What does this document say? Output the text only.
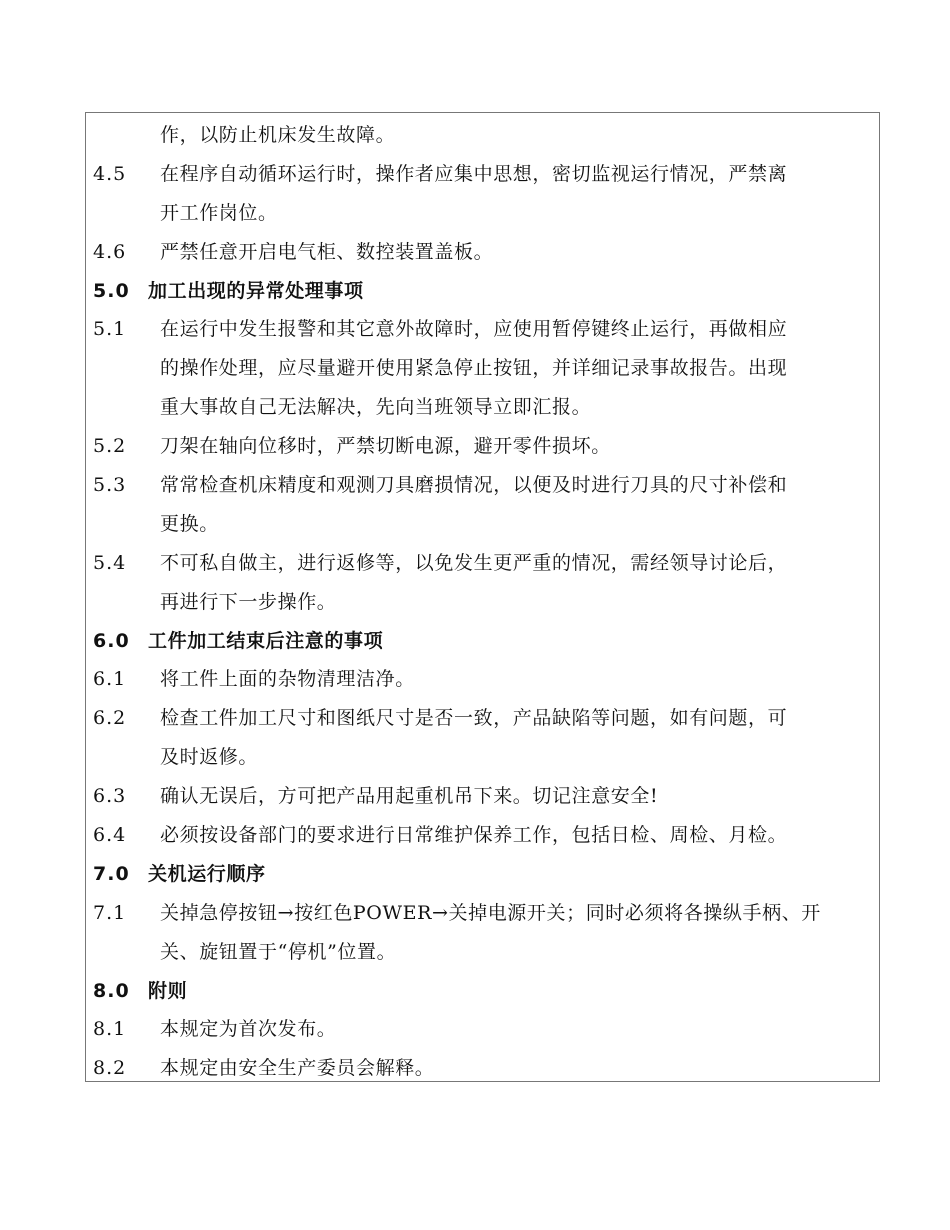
作，以防止机床发生故障。
4.5 在程序自动循环运行时，操作者应集中思想，密切监视运行情况，严禁离
开工作岗位。
4.6 严禁任意开启电气柜、数控装置盖板。
5.0 加工出现的异常处理事项
5.1 在运行中发生报警和其它意外故障时，应使用暂停键终止运行，再做相应
的操作处理，应尽量避开使用紧急停止按钮，并详细记录事故报告。出现
重大事故自己无法解决，先向当班领导立即汇报。
5.2 刀架在轴向位移时，严禁切断电源，避开零件损坏。
5.3 常常检查机床精度和观测刀具磨损情况，以便及时进行刀具的尺寸补偿和
更换。
5.4 不可私自做主，进行返修等，以免发生更严重的情况，需经领导讨论后，
再进行下一步操作。
6.0 工件加工结束后注意的事项
6.1 将工件上面的杂物清理洁净。
6.2 检查工件加工尺寸和图纸尺寸是否一致，产品缺陷等问题，如有问题，可
及时返修。
6.3 确认无误后，方可把产品用起重机吊下来。切记注意安全!
6.4 必须按设备部门的要求进行日常维护保养工作，包括日检、周检、月检。
7.0 关机运行顺序
7.1 关掉急停按钮→按红色POWER→关掉电源开关；同时必须将各操纵手柄、开
关、旋钮置于“停机”位置。
8.0 附则
8.1 本规定为首次发布。
8.2 本规定由安全生产委员会解释。
